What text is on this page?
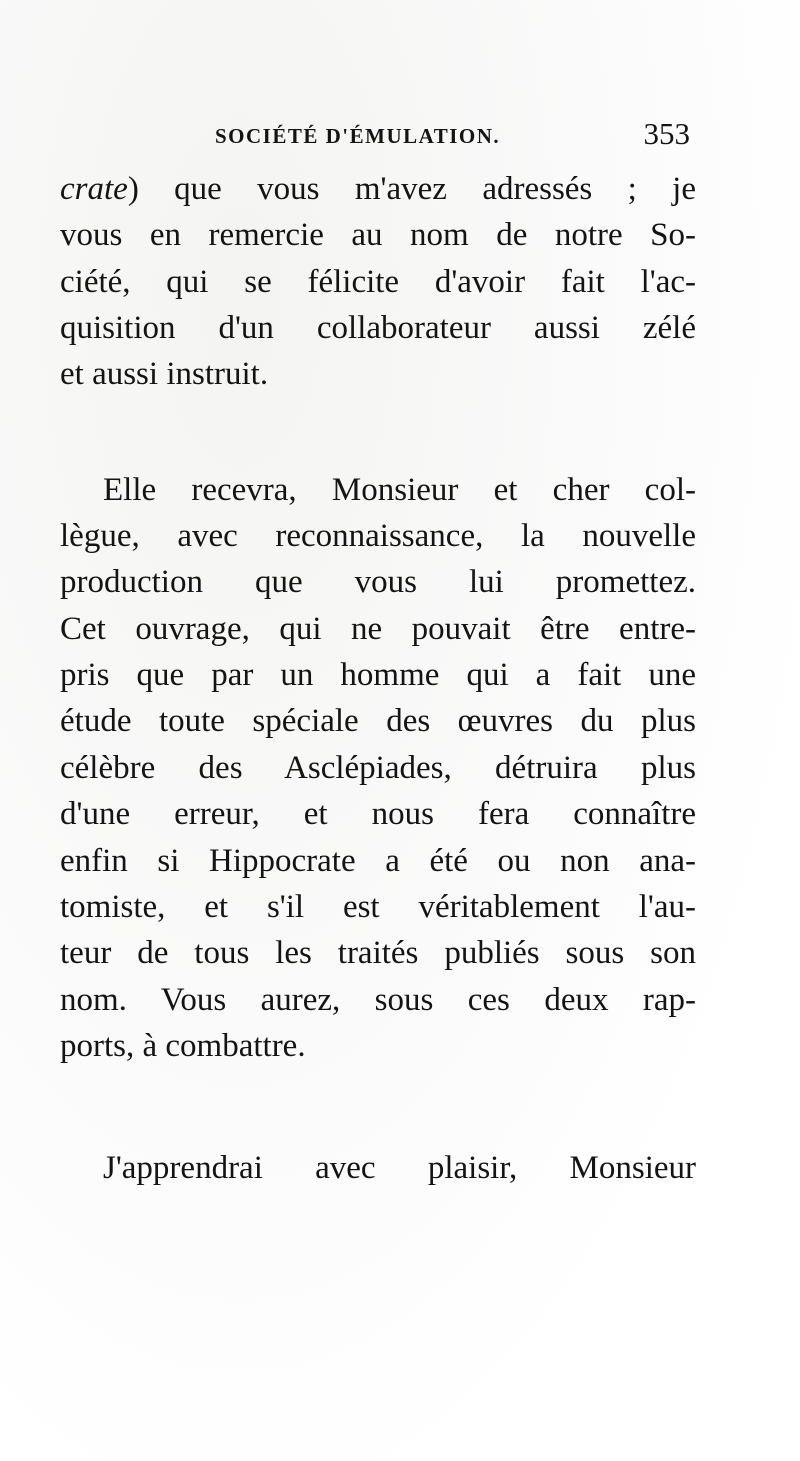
SOCIÉTÉ D'ÉMULATION.	353
crate) que vous m'avez adressés ; je
vous en remercie au nom de notre So-
ciété, qui se félicite d'avoir fait l'ac-
quisition d'un collaborateur aussi zélé
et aussi instruit.
Elle recevra, Monsieur et cher col-
lègue, avec reconnaissance, la nouvelle
production que vous lui promettez.
Cet ouvrage, qui ne pouvait être entre-
pris que par un homme qui a fait une
étude toute spéciale des œuvres du plus
célèbre des Asclépiades, détruira plus
d'une erreur, et nous fera connaître
enfin si Hippocrate a été ou non ana-
tomiste, et s'il est véritablement l'au-
teur de tous les traités publiés sous son
nom. Vous aurez, sous ces deux rap-
ports, à combattre.
J'apprendrai avec plaisir, Monsieur
